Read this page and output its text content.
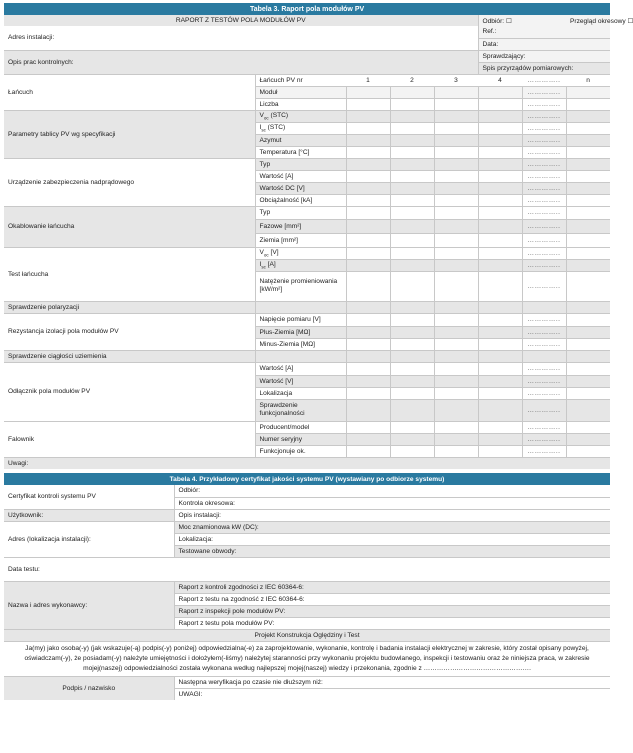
Tabela 3. Raport pola modułów PV							
RAPORT Z TESTÓW POLA MODUŁÓW PV					Odbiór: ☐		Przegląd okresowy ☐
Adres instalacji:					Ref.:		
					Data:		
Opis prac kontrolnych:					Sprawdzający:		
					Spis przyrządów pomiarowych:		
Łańcuch	Łańcuch PV nr	1	2	3	4	…………..	n
	Moduł					…………..	
	Liczba					…………..	
Parametry tablicy PV wg specyfikacji	$V_{oc}$ (STC)					…………..	
	$I_{sc}$ (STC)					…………..	
	Azymut					…………..	
	Temperatura [°C]					…………..	
Urządzenie zabezpieczenia nadprądowego	Typ					…………..	
	Wartość [A]					…………..	
	Wartość DC [V]					…………..	
	Obciążalność [kA]					…………..	
Okablowanie łańcucha	Typ					…………..	
	Fazowe [mm²]					…………..	
	Ziemia [mm²]					…………..	
Test łańcucha	$V_{oc}$ [V]					…………..	
	$I_{sc}$ [A]					…………..	
	Natężenie promieniowania [kW/m²]					…………..	
Sprawdzenie polaryzacji							
Rezystancja izolacji pola modułów PV	Napięcie pomiaru [V]					…………..	
	Plus-Ziemia [MΩ]					…………..	
	Minus-Ziemia [MΩ]					…………..	
Sprawdzenie ciągłości uziemienia							
Odłącznik pola modułów PV	Wartość [A]					…………..	
	Wartość [V]					…………..	
	Lokalizacja					…………..	
	Sprawdzenie funkcjonalności					…………..	
Falownik	Producent/model					…………..	
	Numer seryjny					…………..	
	Funkcjonuje ok.					…………..	
Uwagi:							
Tabela 4. Przykładowy certyfikat jakości systemu PV (wystawiany po odbiorze systemu)	
Certyfikat kontroli systemu PV	Odbiór:
	Kontrola okresowa:
Użytkownik:	Opis instalacji:
Adres (lokalizacja instalacji):	Moc znamionowa kW (DC):
	Lokalizacja:
	Testowane obwody:
Data testu:	
Nazwa i adres wykonawcy:	Raport z kontroli zgodności z IEC 60364-6:
	Raport z testu na zgodność z IEC 60364-6:
	Raport z inspekcji pole modułów PV:
	Raport z testu pola modułów PV:
Projekt Konstrukcja Oględziny i Test	
Ja(my) jako osoba(-y) (jak wskazuje(-ą) podpis(-y) poniżej) odpowiedzialna(-e) za zaprojektowanie, wykonanie, kontrolę i badania instalacji elektrycznej w zakresie, który został opisany powyżej, oświadczam(-y), że posiadam(-y) należyte umiejętności i dołożyłem(-liśmy) należytej staranności przy wykonaniu projektu budowlanego, inspekcji i testowaniu oraz że niniejsza praca, w zakresie mojej(naszej) odpowiedzialności została wykonana według najlepszej mojej(naszej) wiedzy i przekonania, zgodnie z ………………………………………….	
Podpis / nazwisko	Następna weryfikacja po czasie nie dłuższym niż:
	UWAGI:
